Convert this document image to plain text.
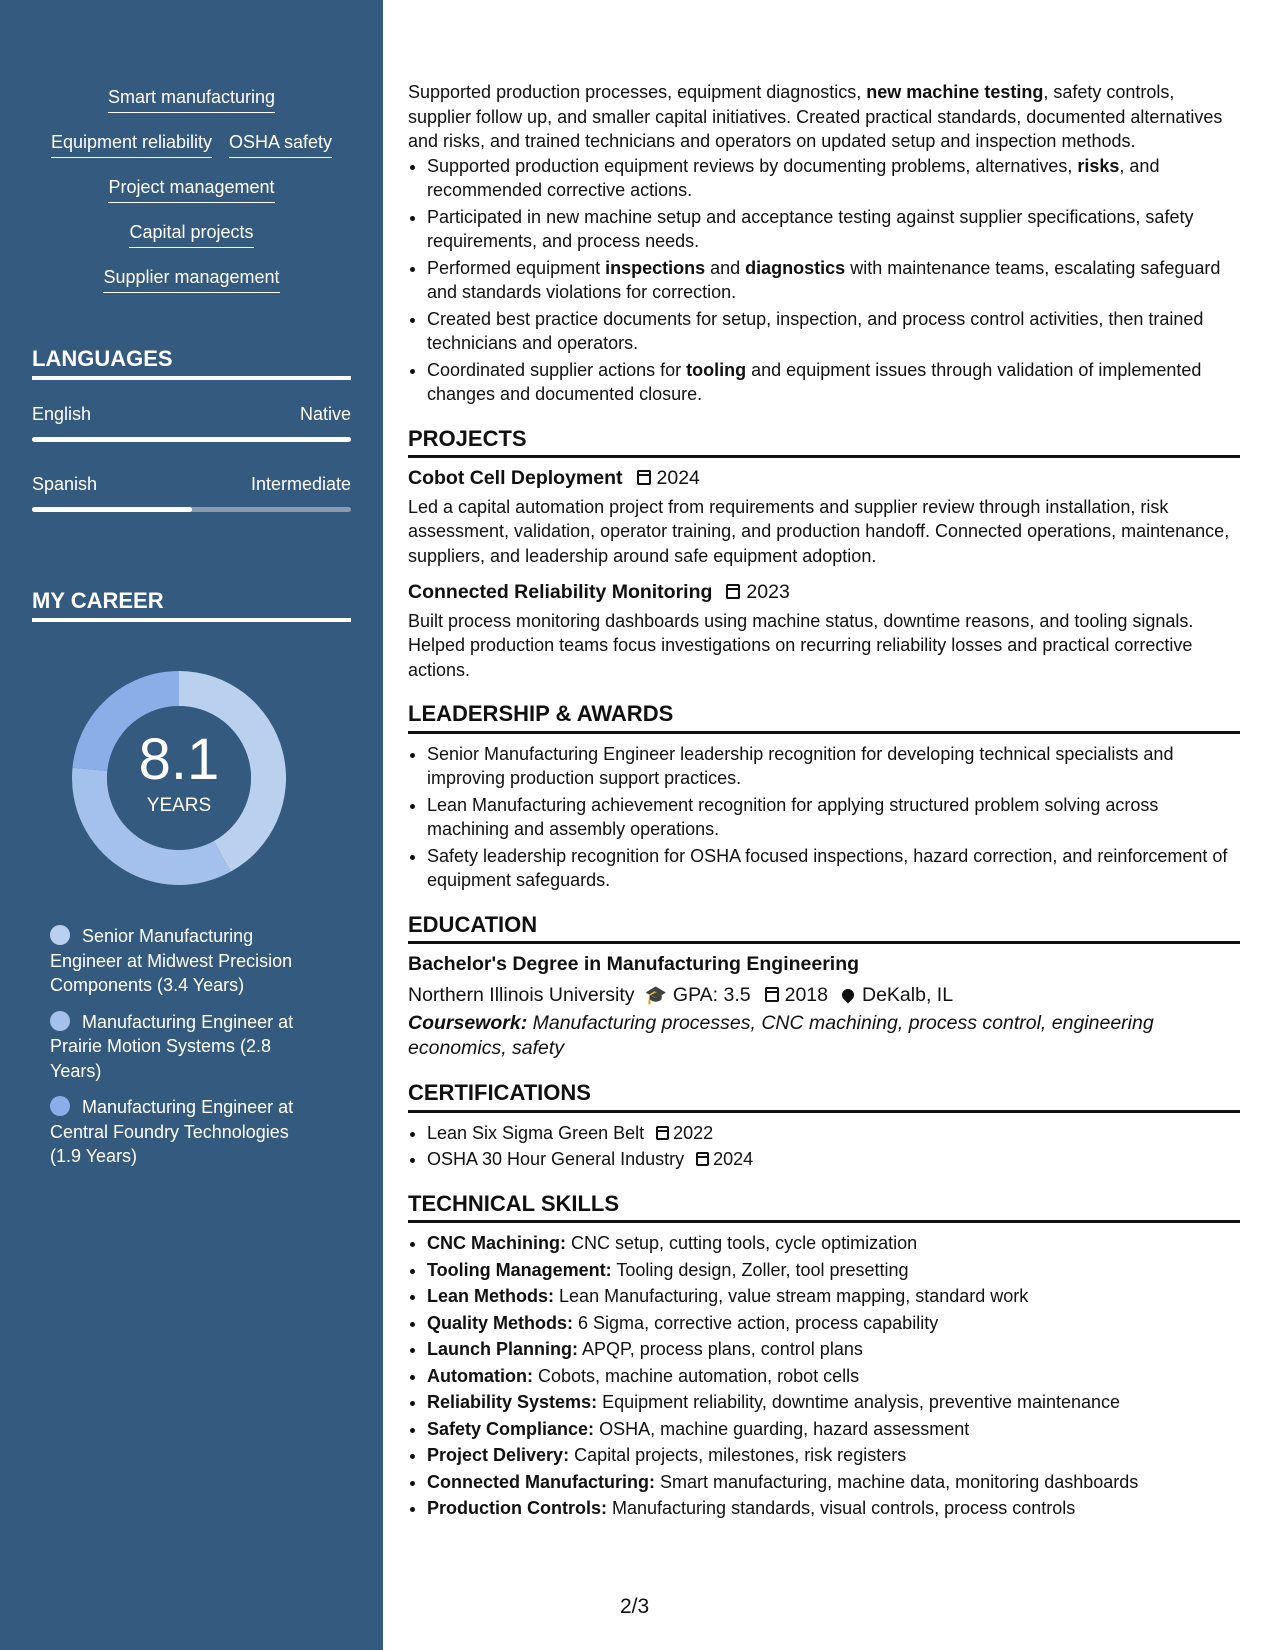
Smart manufacturing
Equipment reliability OSHA safety
Project management
Capital projects
Supplier management
LANGUAGES
English	Native
Spanish	Intermediate
MY CAREER
8.1
YEARS
Senior Manufacturing Engineer at Midwest Precision Components (3.4 Years)
Manufacturing Engineer at Prairie Motion Systems (2.8 Years)
Manufacturing Engineer at Central Foundry Technologies (1.9 Years)

Supported production processes, equipment diagnostics, new machine testing, safety controls, supplier follow up, and smaller capital initiatives. Created practical standards, documented alternatives and risks, and trained technicians and operators on updated setup and inspection methods.

• Supported production equipment reviews by documenting problems, alternatives, risks, and recommended corrective actions.
• Participated in new machine setup and acceptance testing against supplier specifications, safety requirements, and process needs.
• Performed equipment inspections and diagnostics with maintenance teams, escalating safeguard and standards violations for correction.
• Created best practice documents for setup, inspection, and process control activities, then trained technicians and operators.
• Coordinated supplier actions for tooling and equipment issues through validation of implemented changes and documented closure.
PROJECTS
Cobot Cell Deployment 2024

Led a capital automation project from requirements and supplier review through installation, risk assessment, validation, operator training, and production handoff. Connected operations, maintenance, suppliers, and leadership around safe equipment adoption.

Connected Reliability Monitoring 2023

Built process monitoring dashboards using machine status, downtime reasons, and tooling signals. Helped production teams focus investigations on recurring reliability losses and practical corrective actions.

LEADERSHIP & AWARDS
• Senior Manufacturing Engineer leadership recognition for developing technical specialists and improving production support practices.
• Lean Manufacturing achievement recognition for applying structured problem solving across machining and assembly operations.
• Safety leadership recognition for OSHA focused inspections, hazard correction, and reinforcement of equipment safeguards.
EDUCATION
Bachelor's Degree in Manufacturing Engineering
Northern Illinois University 🎓 GPA: 3.5 2018 DeKalb, IL
Coursework: Manufacturing processes, CNC machining, process control, engineering economics, safety
CERTIFICATIONS
• Lean Six Sigma Green Belt 2022
• OSHA 30 Hour General Industry 2024
TECHNICAL SKILLS
• CNC Machining: CNC setup, cutting tools, cycle optimization
• Tooling Management: Tooling design, Zoller, tool presetting
• Lean Methods: Lean Manufacturing, value stream mapping, standard work
• Quality Methods: 6 Sigma, corrective action, process capability
• Launch Planning: APQP, process plans, control plans
• Automation: Cobots, machine automation, robot cells
• Reliability Systems: Equipment reliability, downtime analysis, preventive maintenance
• Safety Compliance: OSHA, machine guarding, hazard assessment
• Project Delivery: Capital projects, milestones, risk registers
• Connected Manufacturing: Smart manufacturing, machine data, monitoring dashboards
• Production Controls: Manufacturing standards, visual controls, process controls
2/3
